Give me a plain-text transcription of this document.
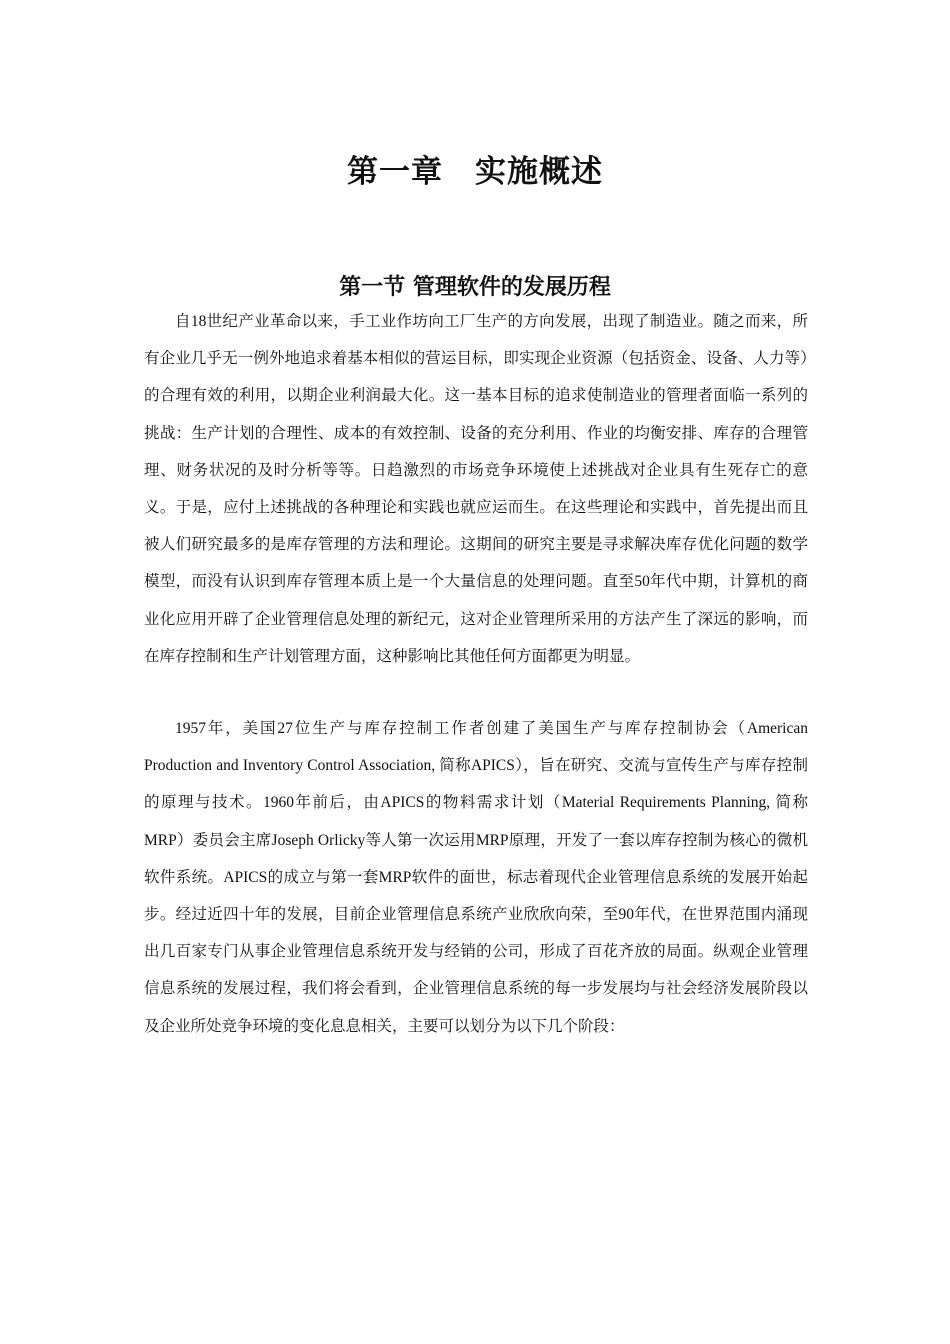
第一章　实施概述
第一节 管理软件的发展历程

自18世纪产业革命以来，手工业作坊向工厂生产的方向发展，出现了制造业。随之而来，所有企业几乎无一例外地追求着基本相似的营运目标，即实现企业资源（包括资金、设备、人力等）的合理有效的利用，以期企业利润最大化。这一基本目标的追求使制造业的管理者面临一系列的挑战：生产计划的合理性、成本的有效控制、设备的充分利用、作业的均衡安排、库存的合理管理、财务状况的及时分析等等。日趋激烈的市场竞争环境使上述挑战对企业具有生死存亡的意义。于是，应付上述挑战的各种理论和实践也就应运而生。在这些理论和实践中，首先提出而且被人们研究最多的是库存管理的方法和理论。这期间的研究主要是寻求解决库存优化问题的数学模型，而没有认识到库存管理本质上是一个大量信息的处理问题。直至50年代中期，计算机的商业化应用开辟了企业管理信息处理的新纪元，这对企业管理所采用的方法产生了深远的影响，而在库存控制和生产计划管理方面，这种影响比其他任何方面都更为明显。

1957年，美国27位生产与库存控制工作者创建了美国生产与库存控制协会（American Production and Inventory Control Association, 简称APICS），旨在研究、交流与宣传生产与库存控制的原理与技术。1960年前后，由APICS的物料需求计划（Material Requirements Planning, 简称MRP）委员会主席Joseph Orlicky等人第一次运用MRP原理，开发了一套以库存控制为核心的微机软件系统。APICS的成立与第一套MRP软件的面世，标志着现代企业管理信息系统的发展开始起步。经过近四十年的发展，目前企业管理信息系统产业欣欣向荣，至90年代，在世界范围内涌现出几百家专门从事企业管理信息系统开发与经销的公司，形成了百花齐放的局面。纵观企业管理信息系统的发展过程，我们将会看到，企业管理信息系统的每一步发展均与社会经济发展阶段以及企业所处竞争环境的变化息息相关，主要可以划分为以下几个阶段：
